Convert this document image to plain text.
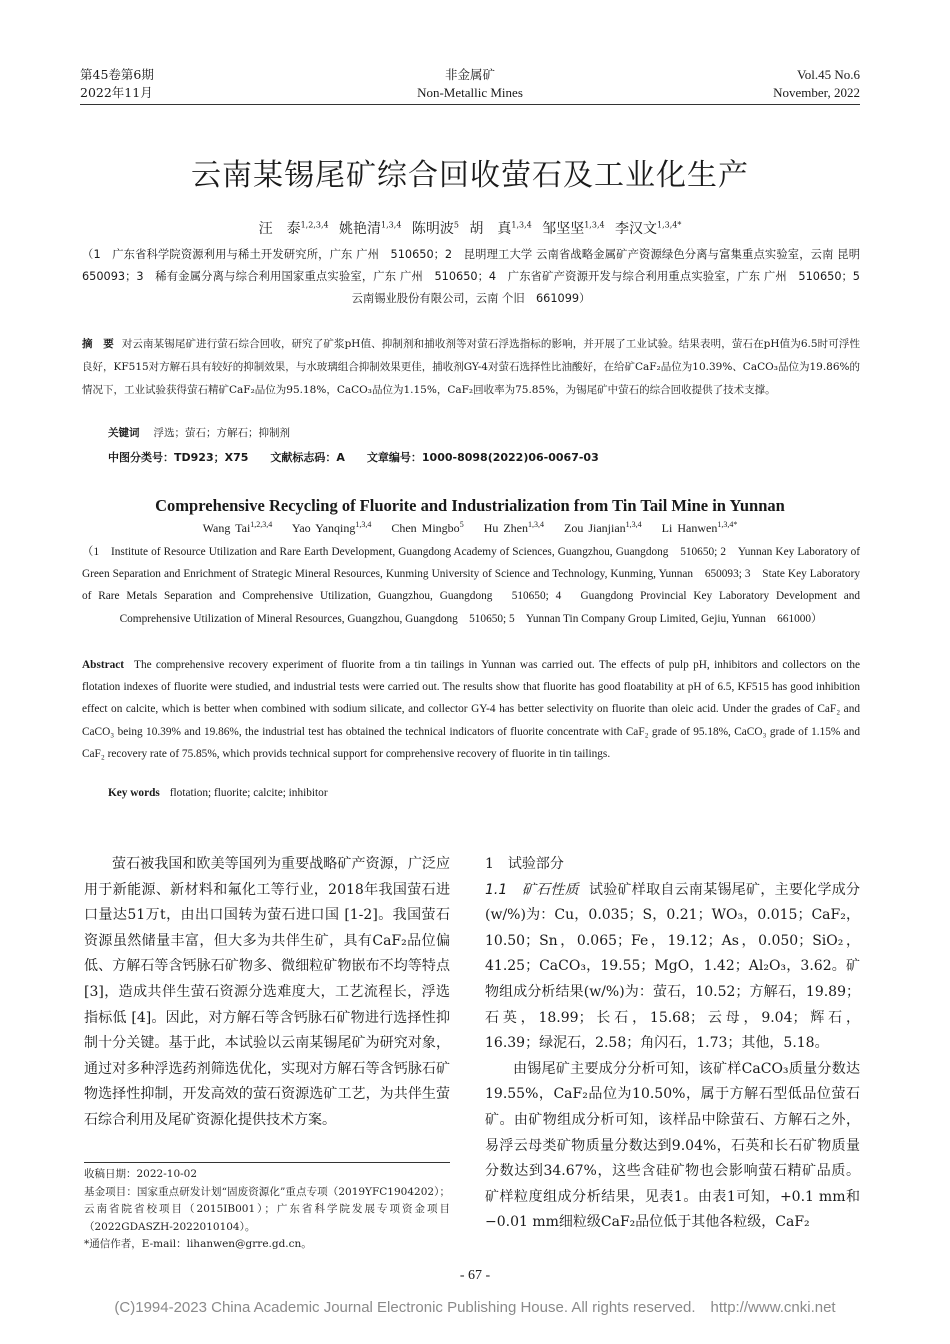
第45卷第6期
2022年11月
非金属矿
Non-Metallic Mines
Vol.45 No.6
November, 2022
云南某锡尾矿综合回收萤石及工业化生产
汪　泰$^{1,2,3,4}$ 姚艳清$^{1,3,4}$ 陈明波$^5$ 胡　真$^{1,3,4}$ 邹坚坚$^{1,3,4}$ 李汉文$^{1,3,4*}$
（1　广东省科学院资源利用与稀土开发研究所，广东 广州　510650；2　昆明理工大学 云南省战略金属矿产资源绿色分离与富集重点实验室，云南 昆明　650093；3　稀有金属分离与综合利用国家重点实验室，广东 广州　510650；4　广东省矿产资源开发与综合利用重点实验室，广东 广州　510650；5　云南锡业股份有限公司，云南 个旧　661099）
摘　要 对云南某锡尾矿进行萤石综合回收，研究了矿浆pH值、抑制剂和捕收剂等对萤石浮选指标的影响，并开展了工业试验。结果表明，萤石在pH值为6.5时可浮性良好，KF515对方解石具有较好的抑制效果，与水玻璃组合抑制效果更佳，捕收剂GY-4对萤石选择性比油酸好，在给矿CaF₂品位为10.39%、CaCO₃品位为19.86%的情况下，工业试验获得萤石精矿CaF₂品位为95.18%，CaCO₃品位为1.15%，CaF₂回收率为75.85%，为锡尾矿中萤石的综合回收提供了技术支撑。
关键词 浮选；萤石；方解石；抑制剂
中图分类号：TD923；X75　　文献标志码：A　　文章编号：1000-8098(2022)06-0067-03
Comprehensive Recycling of Fluorite and Industrialization from Tin Tail Mine in Yunnan
Wang Tai$^{1,2,3,4}$ Yao Yanqing$^{1,3,4}$ Chen Mingbo$^5$ Hu Zhen$^{1,3,4}$ Zou Jianjian$^{1,3,4}$ Li Hanwen$^{1,3,4*}$
（1　Institute of Resource Utilization and Rare Earth Development, Guangdong Academy of Sciences, Guangzhou, Guangdong　510650; 2　Yunnan Key Laboratory of Green Separation and Enrichment of Strategic Mineral Resources, Kunming University of Science and Technology, Kunming, Yunnan　650093; 3　State Key Laboratory of Rare Metals Separation and Comprehensive Utilization, Guangzhou, Guangdong　510650; 4　Guangdong Provincial Key Laboratory Development and Comprehensive Utilization of Mineral Resources, Guangzhou, Guangdong　510650; 5　Yunnan Tin Company Group Limited, Gejiu, Yunnan　661000）
Abstract The comprehensive recovery experiment of fluorite from a tin tailings in Yunnan was carried out. The effects of pulp pH, inhibitors and collectors on the flotation indexes of fluorite were studied, and industrial tests were carried out. The results show that fluorite has good floatability at pH of 6.5, KF515 has good inhibition effect on calcite, which is better when combined with sodium silicate, and collector GY-4 has better selectivity on fluorite than oleic acid. Under the grades of CaF₂ and CaCO₃ being 10.39% and 19.86%, the industrial test has obtained the technical indicators of fluorite concentrate with CaF₂ grade of 95.18%, CaCO₃ grade of 1.15% and CaF₂ recovery rate of 75.85%, which provids technical support for comprehensive recovery of fluorite in tin tailings.
Key words flotation; fluorite; calcite; inhibitor

萤石被我国和欧美等国列为重要战略矿产资源，广泛应用于新能源、新材料和氟化工等行业，2018年我国萤石进口量达51万t，由出口国转为萤石进口国 [1-2]。我国萤石资源虽然储量丰富，但大多为共伴生矿，具有CaF₂品位偏低、方解石等含钙脉石矿物多、微细粒矿物嵌布不均等特点 [3]，造成共伴生萤石资源分选难度大，工艺流程长，浮选指标低 [4]。因此，对方解石等含钙脉石矿物进行选择性抑制十分关键。基于此，本试验以云南某锡尾矿为研究对象，通过对多种浮选药剂筛选优化，实现对方解石等含钙脉石矿物选择性抑制，开发高效的萤石资源选矿工艺，为共伴生萤石综合利用及尾矿资源化提供技术方案。

1　试验部分

1.1　矿石性质 试验矿样取自云南某锡尾矿，主要化学成分(w/%)为：Cu，0.035；S，0.21；WO₃，0.015；CaF₂，10.50；Sn，0.065；Fe，19.12；As，0.050；SiO₂，41.25；CaCO₃，19.55；MgO，1.42；Al₂O₃，3.62。矿物组成分析结果(w/%)为：萤石，10.52；方解石，19.89；石英，18.99；长石，15.68；云母，9.04；辉石，16.39；绿泥石，2.58；角闪石，1.73；其他，5.18。

由锡尾矿主要成分分析可知，该矿样CaCO₃质量分数达19.55%，CaF₂品位为10.50%，属于方解石型低品位萤石矿。由矿物组成分析可知，该样品中除萤石、方解石之外，易浮云母类矿物质量分数达到9.04%，石英和长石矿物质量分数达到34.67%，这些含硅矿物也会影响萤石精矿品质。矿样粒度组成分析结果，见表1。由表1可知，+0.1 mm和−0.01 mm细粒级CaF₂品位低于其他各粒级，CaF₂

收稿日期：2022-10-02
基金项目：国家重点研发计划“固废资源化”重点专项（2019YFC1904202）；云南省院省校项目（2015IB001）；广东省科学院发展专项资金项目（2022GDASZH-2022010104）。
*通信作者，E-mail：lihanwen@grre.gd.cn。
- 67 -
(C)1994-2023 China Academic Journal Electronic Publishing House. All rights reserved.　http://www.cnki.net
